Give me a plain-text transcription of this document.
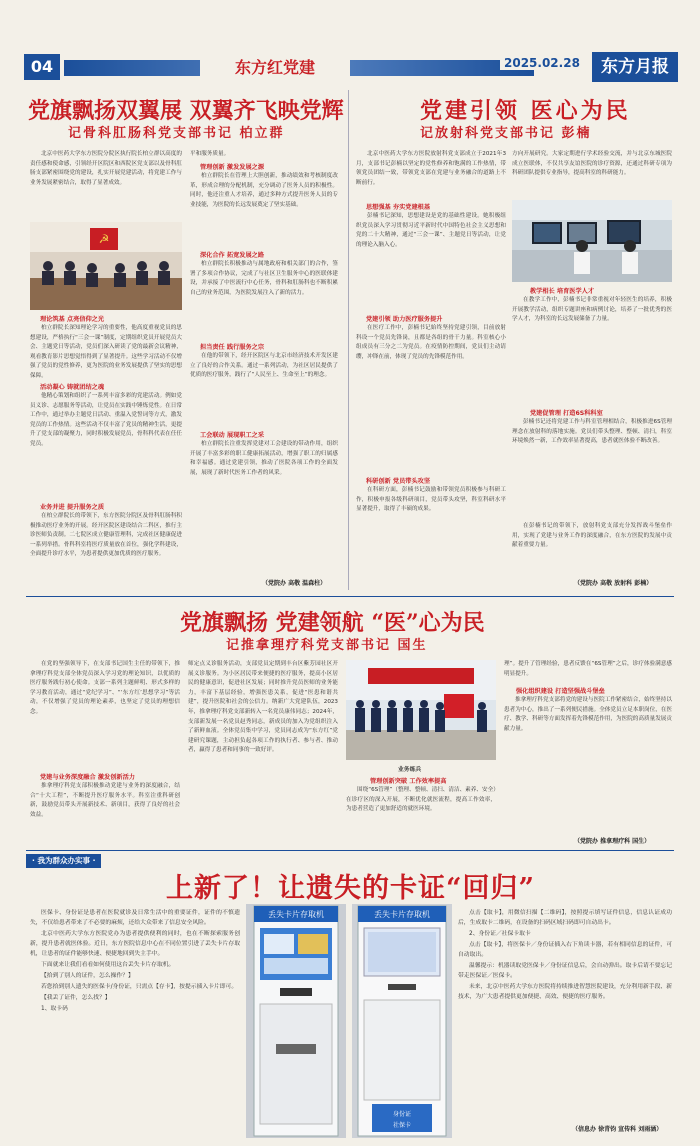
04	东方红党建	2025.02.28	东方月报
党旗飘扬双翼展 双翼齐飞映党辉
记骨科肛肠科党支部书记 柏立群

北京中医药大学东方医院分院区执行院长柏立群以高度的责任感和使命感，引领经开区院区和西院区党支部以及骨科肛肠支部紧密围绕党的建设，扎实开展党建活动，将党建工作与业务发展紧密结合，取得了显著成效。

☭
理论筑基 点亮信仰之光

柏立群院长深知理论学习的重要性，他高度重视党员的思想建设，严格执行“三会一课”制度，定期组织党员开展党员大会、主题党日等活动，党员们深入研读了党的最新会议精神，观看教育影片思想觉悟得到了显著提升。这些学习活动不仅增强了党员的党性修养，更为医院的业务发展提供了坚实的思想保障。

活动凝心 铸就团结之魂

他精心策划和组织了一系列丰富多彩的党建活动。例如党员义诊、志愿服务等活动，让党员在实践中锤炼党性。在日常工作中，通过举办主题党日活动、重温入党誓词等方式，激发党员的工作热情。这些活动不仅丰富了党员的精神生活，更提升了党支部的凝聚力，同时积极发展党员，骨科科代表在任任党员。

业务并进 提升服务之质

在柏立群院长的带领下，东方医院分院区及骨科肛肠科积极推动医疗业务的开展。经开区院区建设结合二科区，推行主诊医师负责制。二七院区成立健康管理科，完成社区健康促进一系列举措。骨科科室将医疗质量放在首位，强化学科建设，全面提升诊疗水平，为患者提供更加优质的医疗服务。

平和服务质量。

管理创新 激发发展之源

柏立群院长在管理上大胆创新，推动绩效和考核制度改革，形成合理的分配机制，充分调动了医务人员的积极性。同时，他还注重人才培养，通过多种方式提升医务人员的专业技能，为医院的长远发展奠定了坚实基础。

深化合作 拓宽发展之路

柏立群院长积极推动与属地政府和相关部门的合作，签署了多项合作协议，完成了与社区卫生服务中心的医联体建设，并承接了中医流行中心任务，骨科和肛肠科也不断积累自己的业务范围，为医院发展注入了新的活力。

担当责任 践行服务之宗

在他的带领下，经开区院区与北京市经济技术开发区建立了良好的合作关系。通过一系列活动，为社区居民提供了优质的医疗服务，践行了“人民至上、生命至上”的理念。

工会联动 展现职工之采

柏立群院长注重发挥党建对工会建设的带动作用，组织开展了丰富多彩的职工健康拓展活动，增强了职工的归属感和幸福感。通过党建引领，推动了医院各项工作的全面发展，展现了新时代医务工作者的风采。

（党院办 高敬 温森柱）
党建引领 医心为民
记放射科党支部书记 彭楠

北京中医药大学东方医院放射科党支部成立于2021年3月，支部书记彭楠以坚定的党性修养和饱满的工作热情，带领党员团结一致，带领党支部在党建与业务融合的道路上不断前行。

思想强基 夯实党建根基

彭楠书记深知，思想建设是党的基础性建设。她积极组织党员深入学习贯彻习近平新时代中国特色社会主义思想和党的二十大精神，通过“三会一课”、主题党日等活动，让党的理论入脑入心。

党建引领 助力医疗服务提升

在医疗工作中，彭楠书记始终坚持党建引领，目前放射科设一个党员先锋岗，且都是各组的骨干力量。科室核心小组成员有三分之二为党员。在疫情防控期间，党员们主动请缨，冲锋在前，体现了党员的先锋模范作用。

科研创新 党员带头攻坚

在科研方面，彭楠书记鼓励和带领党员积极参与科研工作，积极申报各级科研项目，党员带头攻坚，科室科研水平显著提升，取得了丰硕的成果。

方向开展研究。大家定期进行学术经验交流，并与北京东城医院成立医联体，不仅共享友谊医院的诊疗资源，还通过科研专项为科研团队提供专业指导，提高科室的科研能力。

教学相长 培育医学人才

在教学工作中，彭楠书记非常重视对年轻医生的培养，积极开展教学活动，组织专题讲座和病例讨论，培养了一批优秀的医学人才，为科室的长远发展储备了力量。

党建促管理 打造6S科科室

彭楠书记还将党建工作与科室管理相结合，积极推进6S管理理念在放射科的落地实施。党员们带头整理、整顿、清扫，科室环境焕然一新，工作效率显著提高，患者就医体验不断改善。

在彭楠书记的带领下，放射科党支部充分发挥战斗堡垒作用，实现了党建与业务工作的深度融合，在东方医院的发展中贡献着重要力量。

（党院办 高敬 放射科 彭楠）
党旗飘扬 党建领航 “医”心为民
记推拿理疗科党支部书记 国生

在党的坚强领导下，在支部书记国生主任的带领下，推拿理疗科党支部全体党员深入学习党的理论知识，以优质的医疗服务践行初心使命。支部一系列主题鲜明、形式多样的学习教育活动，通过“党纪学习”、“‘东方红’思想学习”等活动，不仅增强了党员的理论素养，也坚定了党员的理想信念。

党建与业务深度融合 激发创新活力

推拿理疗科党支部积极推动党建与业务的深度融合，结合“十大工程”，不断提升医疗服务水平。科室注重科研创新，鼓励党员带头开展新技术、新项目，获得了良好的社会效益。

师定点义诊服务活动，支部党员定期到丰台区紫芳园社区开展义诊服务。为小区居民带来便捷的医疗服务，提高小区居民的健康意识，促进社区发展；同时推升党员医师的业务能力，丰富下基层经验，增强医患关系，促进“医患和谐共建”，提升医院和社会的公信力。纳新广大党建队伍，2023年，推拿理疗科党支部新转入一名党员康伟同志；2024年，支部新发展一名党员赵秀同志，新成员的加入为党组织注入了新鲜血液。全体党员集中学习，党员同志成为“东方红”党建研究课题，主动担负起各项工作的执行者、参与者、推动者，赢得了患者和同事的一致好评。

业务练兵
管理创新突破 工作效率提高

围绕“6S管理”（整理、整顿、清扫、清洁、素养、安全）在诊疗区的深入开展，不断优化就医流程，提高工作效率，为患者营造了更加舒适的就医环境。

理”。提升了管理经验，患者反馈在“6S管理”之后，诊疗体验满意感明显提升。

强化组织建设 打造坚强战斗堡垒

推拿理疗科党支部将党的建设与医院工作紧密结合，始终坚持以患者为中心，推出了一系列便民措施。全体党员立足本职岗位，在医疗、教学、科研等方面发挥着先锋模范作用，为医院的高质量发展贡献力量。

（党院办 推拿理疗科 国生）
· 我为群众办实事 ·
上新了！让遗失的卡证“回归”

医保卡、身份证是患者在医院就诊及日常生活中的重要证件，证件的不慎遗失，不仅给患者带来了不必要的麻烦，还给大众带来了信息安全风险。

北京中医药大学东方医院党办为患者提供便利的同时，也在不断探索服务创新，提升患者就医体验。近日，东方医院信息中心在不同位置引进了丢失卡片存取机，让患者的证件能够快速、便捷地回到失主手中。

下面就来让我们看看如何使用这台丢失卡片存取机。

【拾到了别人的证件，怎么操作？】

若您拾到别人遗失的医保卡/身份证，只需点【存卡】，按提示插入卡片即可。

【我丢了证件，怎么找？】

1、取卡码

丢失卡片存取机	丢失卡片存取机
身份证
社保卡

点击【取卡】，用微信扫描【二维码】，按照提示填写证件信息，信息认证成功后，生成取卡二维码，在设备的扫码区域扫码即可自动出卡。

2、身份证／社保卡取卡

点击【取卡】，将医保卡／身份证插入右下角读卡器，若有相同信息的证件，可自动取出。

温馨提示：机器读取党医保卡／身份证信息后，会自动弹出。取卡后请不要忘记带走医保证／医保卡。

未来，北京中医药大学东方医院将持续推进智慧医院建设，充分利用新手段、新技术，为广大患者提供更加便捷、高效、便捷的医疗服务。

（信息办 徐青钧 宣传科 刘雨涵）
